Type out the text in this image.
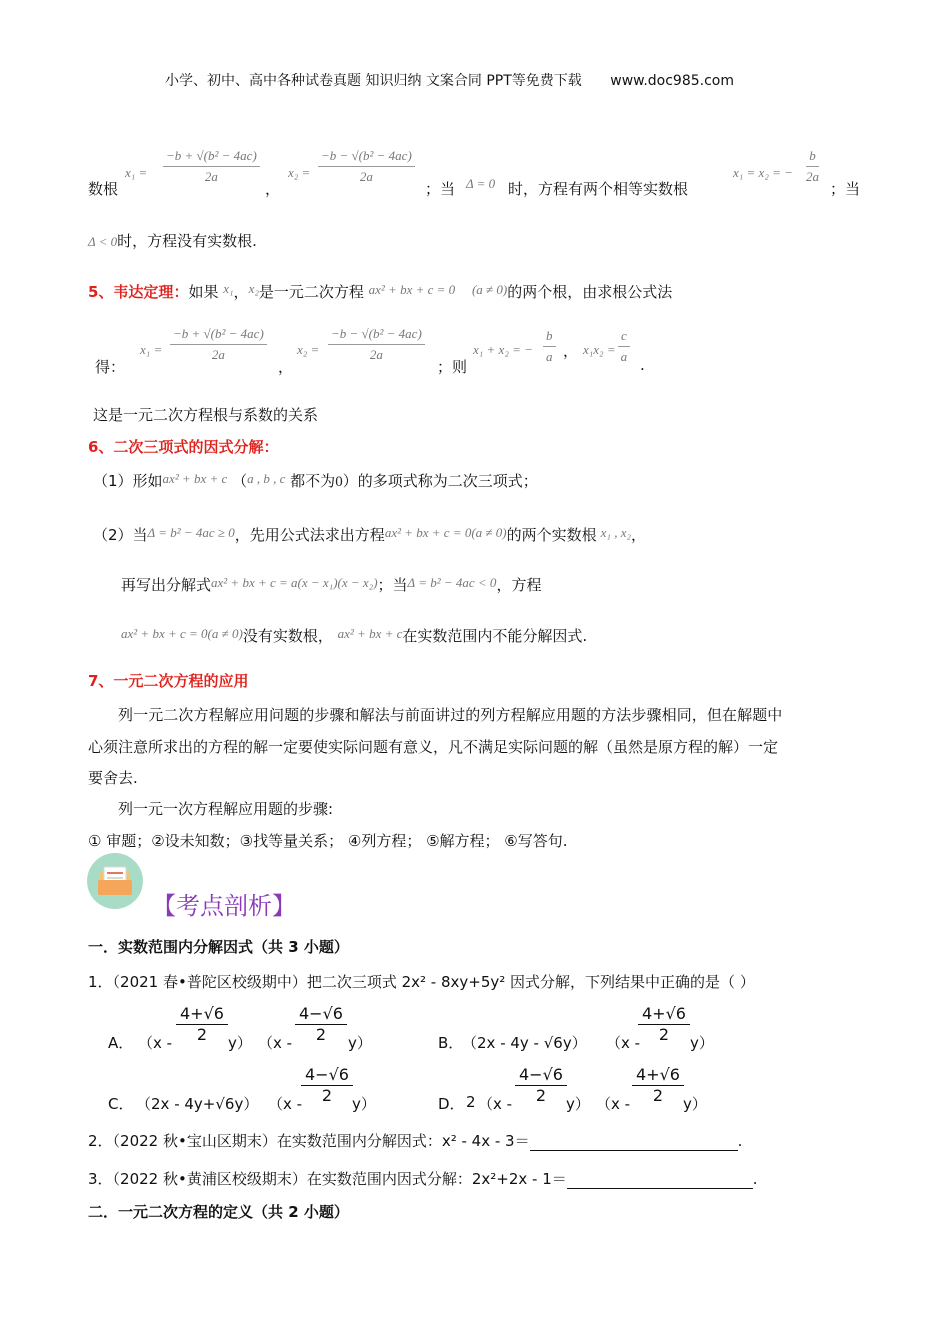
小学、初中、高中各种试卷真题 知识归纳 文案合同 PPT等免费下载 www.doc985.com
数根
$x_1 = \frac{\text{−b + √(b² − 4ac)}}{2a}$
，
$x_2 = \frac{\text{−b − √(b² − 4ac)}}{2a}$
；当 Δ = 0 时，方程有两个相等实数根
x₁ = x₂ = − $\frac{b}{2a}$
；当
Δ < 0时，方程没有实数根.
5、韦达定理：如果 x₁，x₂是一元二次方程 ax² + bx + c = 0 (a ≠ 0)的两个根，由求根公式法
得：
$x_1 = \frac{\text{−b + √(b² − 4ac)}}{2a}$
，
$x_2 = \frac{\text{−b − √(b² − 4ac)}}{2a}$
；则
x₁ + x₂ = − $\frac{b}{a}$ ， $x_1x_2 = \frac{c}{a}$ .
这是一元二次方程根与系数的关系
6、二次三项式的因式分解：
（1）形如ax² + bx + c （a , b , c 都不为0）的多项式称为二次三项式；
（2）当Δ = b² − 4ac ≥ 0，先用公式法求出方程ax² + bx + c = 0(a ≠ 0)的两个实数根 x₁ , x₂，
再写出分解式ax² + bx + c = a(x − x₁)(x − x₂)；当Δ = b² − 4ac < 0，方程
ax² + bx + c = 0(a ≠ 0)没有实数根， ax² + bx + c在实数范围内不能分解因式.
7、一元二次方程的应用
列一元二次方程解应用问题的步骤和解法与前面讲过的列方程解应用题的方法步骤相同，但在解题中
心须注意所求出的方程的解一定要使实际问题有意义，凡不满足实际问题的解（虽然是原方程的解）一定
要舍去.
列一元一次方程解应用题的步骤:
① 审题；②设未知数；③找等量关系； ④列方程； ⑤解方程； ⑥写答句.
【考点剖析】
一．实数范围内分解因式（共 3 小题）
1．（2021 春•普陀区校级期中）把二次三项式 2x² - 8xy+5y² 因式分解，下列结果中正确的是（ ）
A． $(x - \frac{4+√6}{2} y)$ $(x - \frac{4-√6}{2} y)$	B．
（2x - 4y - √6y） （x -
$\frac{4+√6}{2} y$）
C． （2x - 4y+√6y） （x -
$\frac{4-√6}{2} y$）	D． 2 $(x - \frac{4-√6}{2} y)$ $(x - \frac{4+√6}{2} y)$
2．（2022 秋•宝山区期末）在实数范围内分解因式：x² - 4x - 3＝	.
3．（2022 秋•黄浦区校级期末）在实数范围内因式分解：2x²+2x - 1＝	.
二．一元二次方程的定义（共 2 小题）
